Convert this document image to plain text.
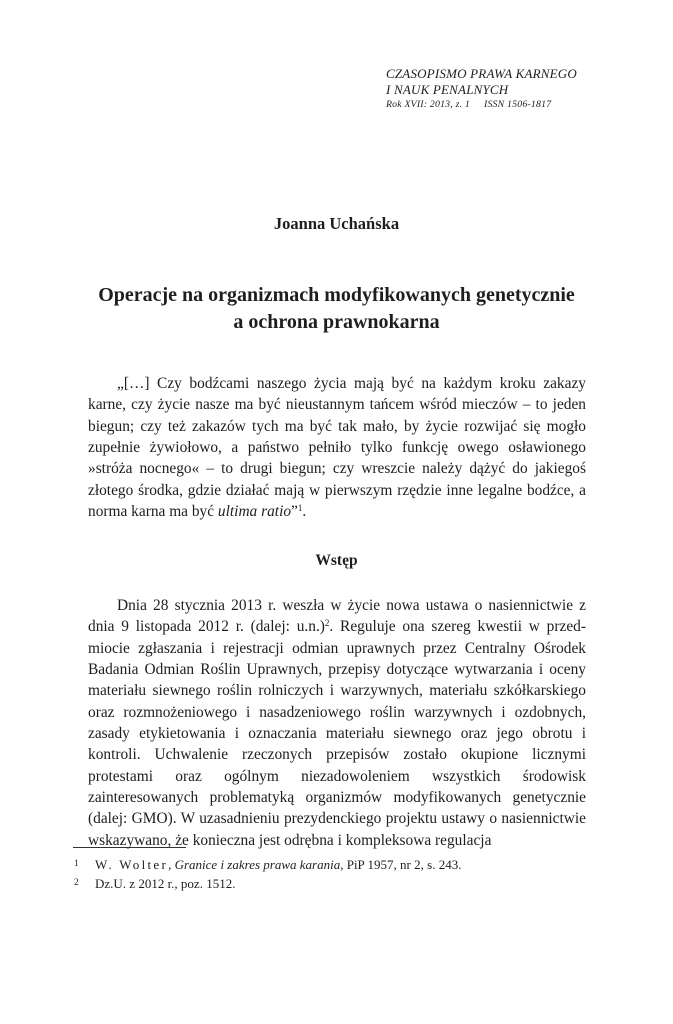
CZASOPISMO PRAWA KARNEGO
I NAUK PENALNYCH
Rok XVII: 2013, z. 1 ISSN 1506-1817
Joanna Uchańska
Operacje na organizmach modyfikowanych genetycznie
a ochrona prawnokarna

„[…] Czy bodźcami naszego życia mają być na każdym kroku zakazy karne, czy życie nasze ma być nieustannym tańcem wśród mieczów – to jeden biegun; czy też zakazów tych ma być tak mało, by życie rozwijać się mogło zupełnie żywiołowo, a państwo pełniło tylko funkcję owego osławionego »stróża nocnego« – to drugi biegun; czy wreszcie należy dążyć do jakiegoś złotego środka, gdzie działać mają w pierwszym rzędzie inne legalne bodźce, a norma karna ma być ultima ratio”$^1$.

Wstęp

Dnia 28 stycznia 2013 r. weszła w życie nowa ustawa o nasiennictwie z dnia 9 listopada 2012 r. (dalej: u.n.)$^2$. Reguluje ona szereg kwestii w przedmiocie zgłaszania i rejestracji odmian uprawnych przez Centralny Ośrodek Badania Odmian Roślin Uprawnych, przepisy dotyczące wytwarzania i oceny materiału siewnego roślin rolniczych i warzywnych, materiału szkółkarskiego oraz rozmnożeniowego i nasadzeniowego roślin warzywnych i ozdobnych, zasady etykietowania i oznaczania materiału siewnego oraz jego obrotu i kontroli. Uchwalenie rzeczonych przepisów zostało okupione licznymi protestami oraz ogólnym niezadowoleniem wszystkich środowisk zainteresowanych problematyką organizmów modyfikowanych genetycznie (dalej: GMO). W uzasadnieniu prezydenckiego projektu ustawy o nasiennictwie wskazywano, że konieczna jest odrębna i kompleksowa regulacja

1 W. Wolter, Granice i zakres prawa karania, PiP 1957, nr 2, s. 243.
2 Dz.U. z 2012 r., poz. 1512.
